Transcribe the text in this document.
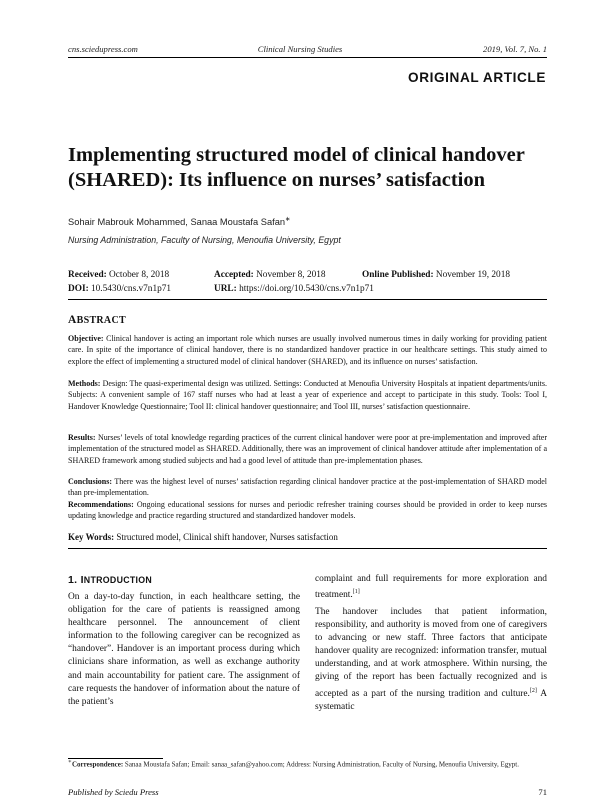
cns.sciedupress.com	Clinical Nursing Studies	2019, Vol. 7, No. 1
ORIGINAL ARTICLE
Implementing structured model of clinical handover (SHARED): Its influence on nurses’ satisfaction
Sohair Mabrouk Mohammed, Sanaa Moustafa Safan∗
Nursing Administration, Faculty of Nursing, Menoufia University, Egypt
Received: October 8, 2018	Accepted: November 8, 2018	Online Published: November 19, 2018
DOI: 10.5430/cns.v7n1p71	URL: https://doi.org/10.5430/cns.v7n1p71
ABSTRACT
Objective: Clinical handover is acting an important role which nurses are usually involved numerous times in daily working for providing patient care. In spite of the importance of clinical handover, there is no standardized handover practice in our healthcare settings. This study aimed to explore the effect of implementing a structured model of clinical handover (SHARED), and its influence on nurses’ satisfaction.
Methods: Design: The quasi-experimental design was utilized. Settings: Conducted at Menoufia University Hospitals at inpatient departments/units. Subjects: A convenient sample of 167 staff nurses who had at least a year of experience and accept to participate in this study. Tools: Tool I, Handover Knowledge Questionnaire; Tool II: clinical handover questionnaire; and Tool III, nurses’ satisfaction questionnaire.
Results: Nurses’ levels of total knowledge regarding practices of the current clinical handover were poor at pre-implementation and improved after implementation of the structured model as SHARED. Additionally, there was an improvement of clinical handover attitude after implementation of a SHARED framework among studied subjects and had a good level of attitude than pre-implementation phases.
Conclusions: There was the highest level of nurses’ satisfaction regarding clinical handover practice at the post-implementation of SHARD model than pre-implementation.
Recommendations: Ongoing educational sessions for nurses and periodic refresher training courses should be provided in order to keep nurses updating knowledge and practice regarding structured and standardized handover models.
Key Words: Structured model, Clinical shift handover, Nurses satisfaction
1. INTRODUCTION
On a day-to-day function, in each healthcare setting, the obligation for the care of patients is reassigned among healthcare personnel. The announcement of client information to the following caregiver can be recognized as “handover”. Handover is an important process during which clinicians share information, as well as exchange authority and main accountability for patient care. The assignment of care requests the handover of information about the nature of the patient’s
complaint and full requirements for more exploration and treatment.[1]
The handover includes that patient information, responsibility, and authority is moved from one of caregivers to advancing or new staff. Three factors that anticipate handover quality are recognized: information transfer, mutual understanding, and at work atmosphere. Within nursing, the giving of the report has been factually recognized and is accepted as a part of the nursing tradition and culture.[2] A systematic
∗Correspondence: Sanaa Moustafa Safan; Email: sanaa_safan@yahoo.com; Address: Nursing Administration, Faculty of Nursing, Menoufia University, Egypt.
Published by Sciedu Press	71
